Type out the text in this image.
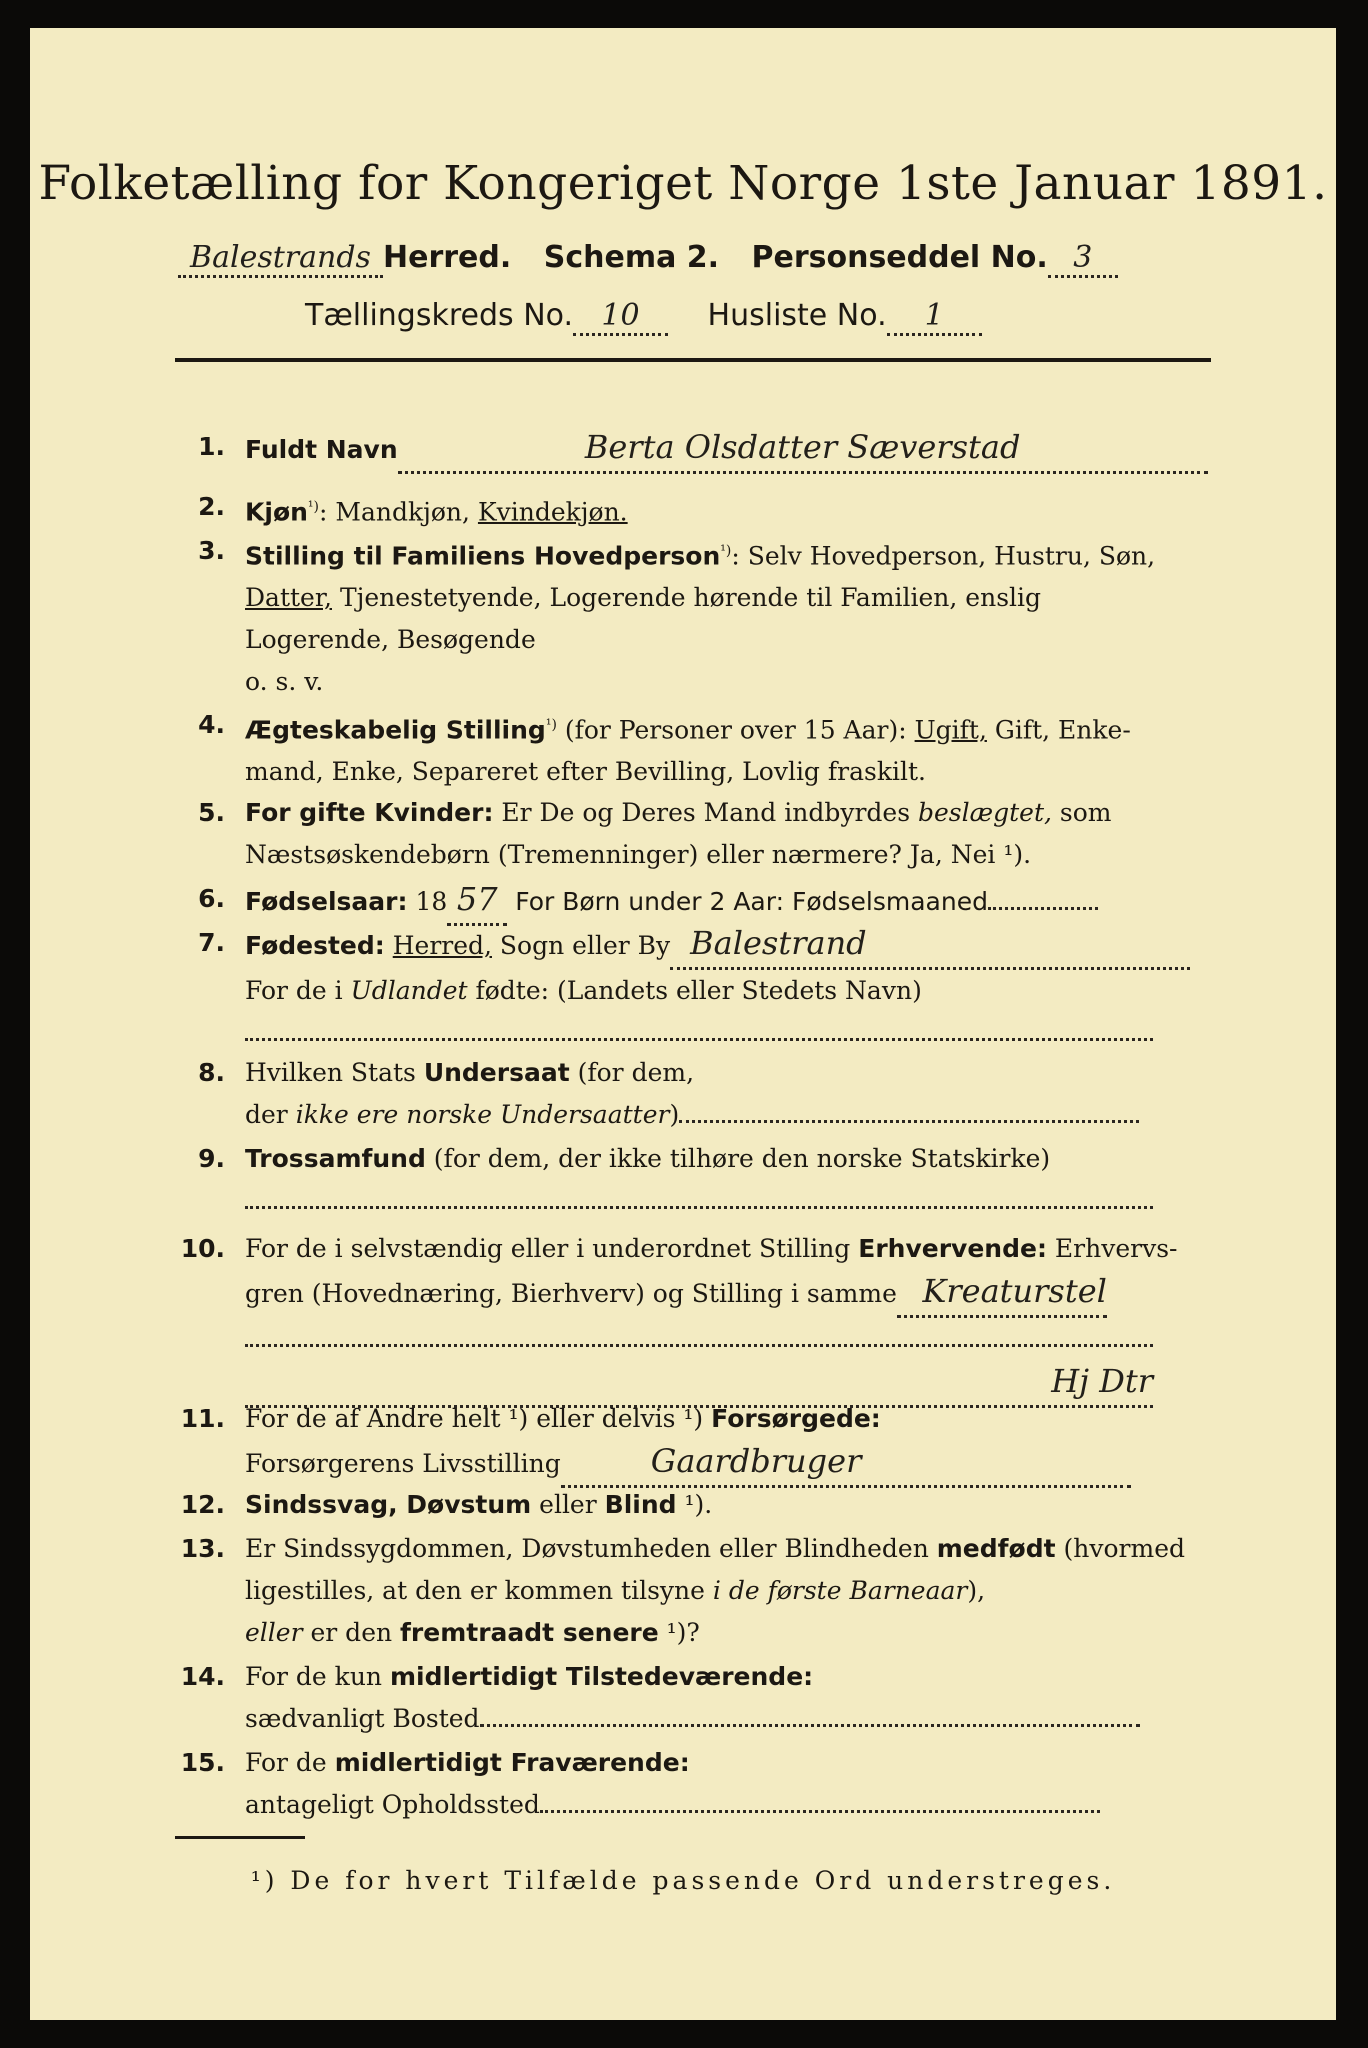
Folketælling for Kongeriget Norge 1ste Januar 1891.
Balestrands Herred. Schema 2. Personseddel No. 3
Tællingskreds No. 10 Husliste No. 1
1. Fuldt Navn	Berta Olsdatter Sæverstad
2. Kjøn$^{^1)}$: Mandkjøn, Kvindekjøn.
3. Stilling til Familiens Hovedperson$^{^1)}$: Selv Hovedperson, Hustru, Søn,
Datter, Tjenestetyende, Logerende hørende til Familien, enslig
Logerende, Besøgende
o. s. v.
4. Ægteskabelig Stilling$^{^1)}$ (for Personer over 15 Aar): Ugift, Gift, Enke-
mand, Enke, Separeret efter Bevilling, Lovlig fraskilt.
5. For gifte Kvinder: Er De og Deres Mand indbyrdes beslægtet, som
Næstsøskendebørn (Tremenninger) eller nærmere? Ja, Nei ¹).
6. Fødselsaar: 18 57 For Børn under 2 Aar: Fødselsmaaned
7. Fødested: Herred, Sogn eller By Balestrand
For de i Udlandet fødte: (Landets eller Stedets Navn)

8. Hvilken Stats Undersaat (for dem,
der ikke ere norske Undersaatter)
9. Trossamfund (for dem, der ikke tilhøre den norske Statskirke)

10. For de i selvstændig eller i underordnet Stilling Erhvervende: Erhvervs-
gren (Hovednæring, Bierhverv) og Stilling i samme Kreaturstel

Hj Dtr
11. For de af Andre helt ¹) eller delvis ¹) Forsørgede:
Forsørgerens Livsstilling	Gaardbruger
12. Sindssvag, Døvstum eller Blind ¹).
13. Er Sindssygdommen, Døvstumheden eller Blindheden medfødt (hvormed
ligestilles, at den er kommen tilsyne i de første Barneaar),
eller er den fremtraadt senere ¹)?
14. For de kun midlertidigt Tilstedeværende:
sædvanligt Bosted
15. For de midlertidigt Fraværende:
antageligt Opholdssted
¹) De for hvert Tilfælde passende Ord understreges.
